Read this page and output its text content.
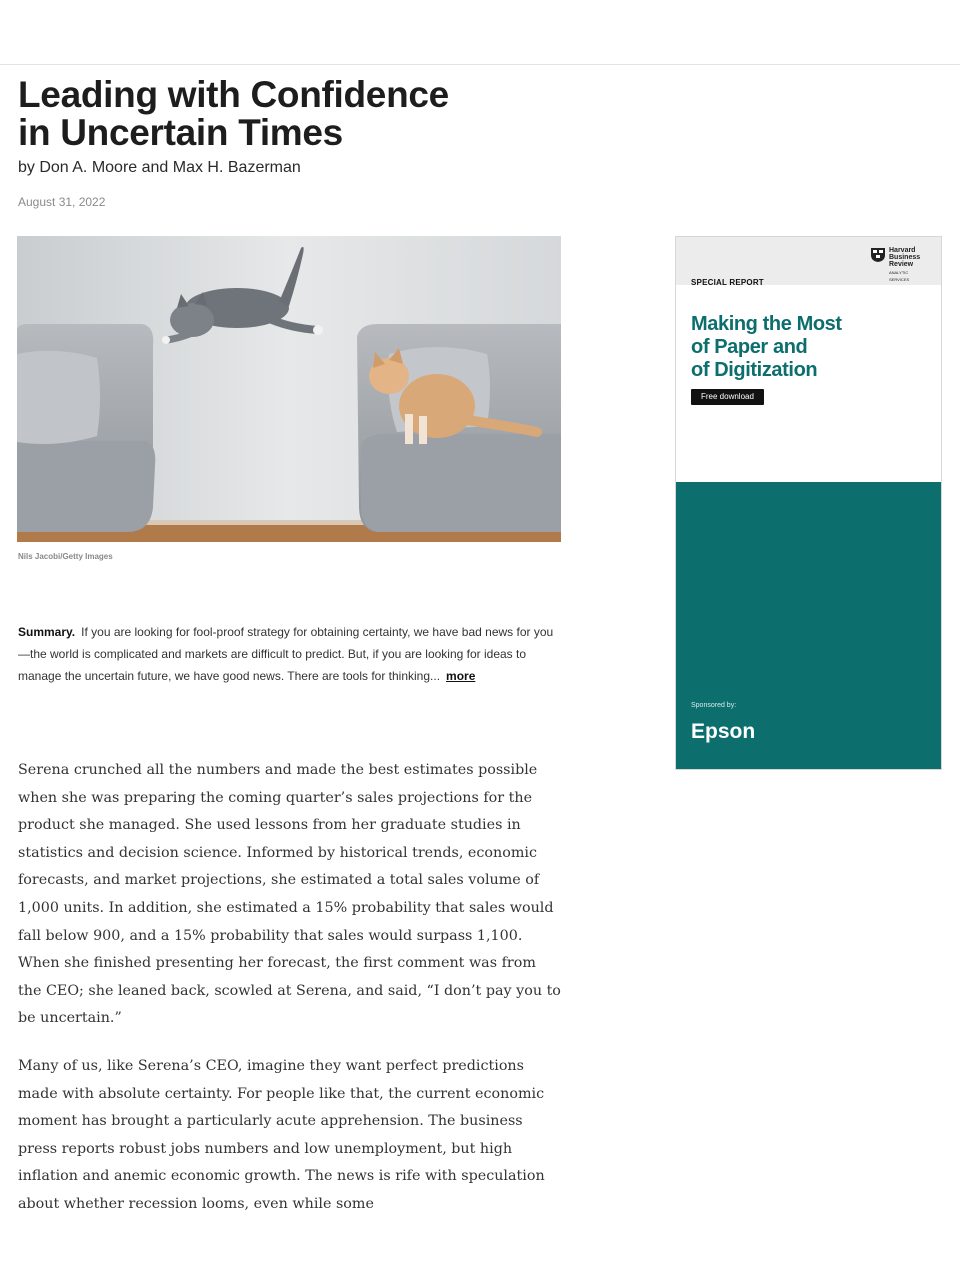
Leading with Confidence
in Uncertain Times
by Don A. Moore and Max H. Bazerman
August 31, 2022
Nils Jacobi/Getty Images
Summary. If you are looking for fool-proof strategy for obtaining certainty, we have bad news for you—the world is complicated and markets are difficult to predict. But, if you are looking for ideas to manage the uncertain future, we have good news. There are tools for thinking... more

Serena crunched all the numbers and made the best estimates possible when she was preparing the coming quarter’s sales projections for the product she managed. She used lessons from her graduate studies in statistics and decision science. Informed by historical trends, economic forecasts, and market projections, she estimated a total sales volume of 1,000 units. In addition, she estimated a 15% probability that sales would fall below 900, and a 15% probability that sales would surpass 1,100. When she finished presenting her forecast, the first comment was from the CEO; she leaned back, scowled at Serena, and said, “I don’t pay you to be uncertain.”

Many of us, like Serena’s CEO, imagine they want perfect predictions made with absolute certainty. For people like that, the current economic moment has brought a particularly acute apprehension. The business press reports robust jobs numbers and low unemployment, but high inflation and anemic economic growth. The news is rife with speculation about whether recession looms, even while some

Harvard
Business
Review
ANALYTIC SERVICES
SPECIAL REPORT
Making the Most
of Paper and
of Digitization
Free download
Sponsored by:
Epson
